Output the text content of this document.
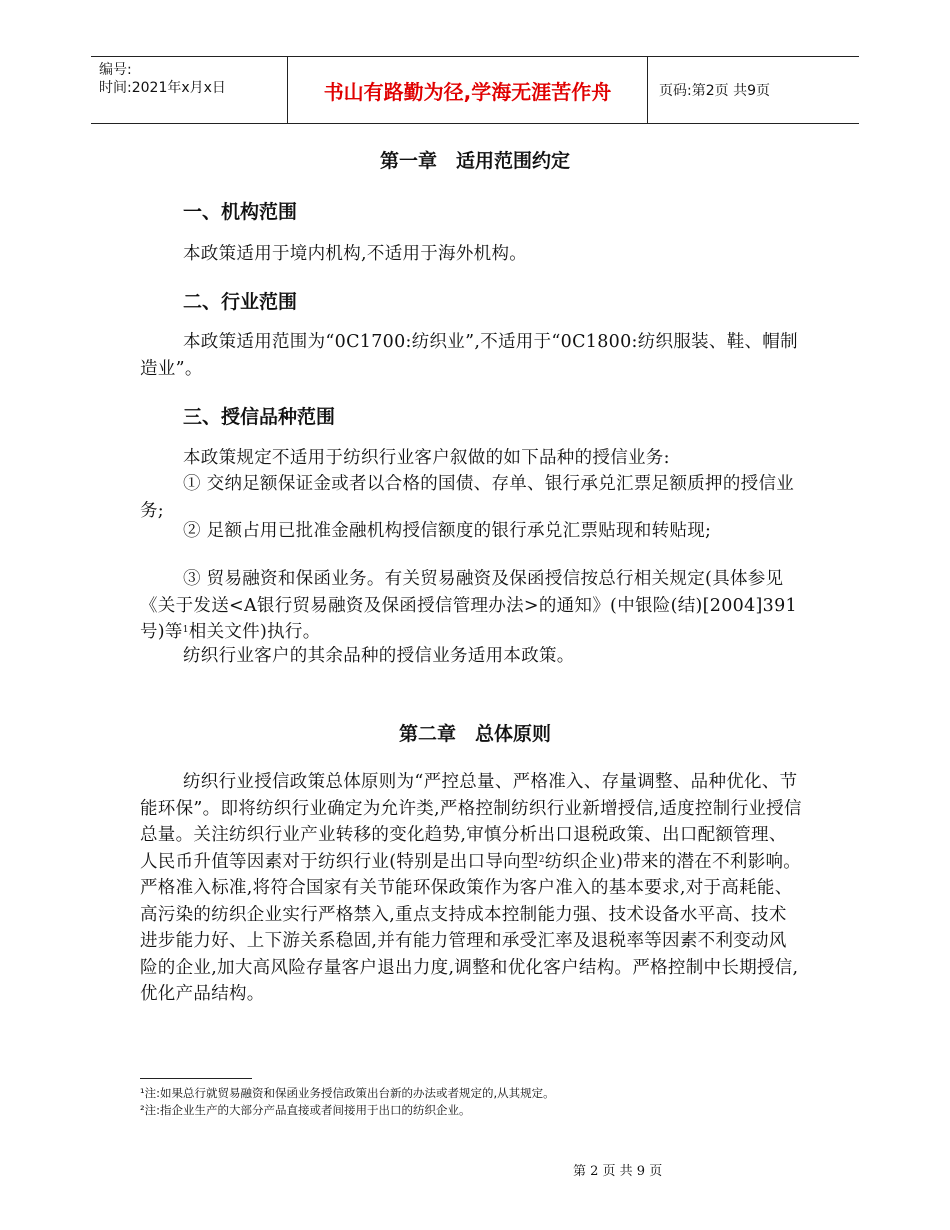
编号:
时间:2021年x月x日	书山有路勤为径,学海无涯苦作舟	页码:第2页 共9页
第一章　适用范围约定
一、机构范围
本政策适用于境内机构,不适用于海外机构。
二、行业范围
本政策适用范围为“0C1700:纺织业”,不适用于“0C1800:纺织服装、鞋、帽制造业”。
三、授信品种范围
本政策规定不适用于纺织行业客户叙做的如下品种的授信业务:
① 交纳足额保证金或者以合格的国债、存单、银行承兑汇票足额质押的授信业务;
② 足额占用已批准金融机构授信额度的银行承兑汇票贴现和转贴现;
③ 贸易融资和保函业务。有关贸易融资及保函授信按总行相关规定(具体参见《关于发送<A银行贸易融资及保函授信管理办法>的通知》(中银险(结)[2004]391号)等$^1$相关文件)执行。
纺织行业客户的其余品种的授信业务适用本政策。
第二章　总体原则
纺织行业授信政策总体原则为“严控总量、严格准入、存量调整、品种优化、节能环保”。即将纺织行业确定为允许类,严格控制纺织行业新增授信,适度控制行业授信总量。关注纺织行业产业转移的变化趋势,审慎分析出口退税政策、出口配额管理、人民币升值等因素对于纺织行业(特别是出口导向型$^2$纺织企业)带来的潜在不利影响。严格准入标准,将符合国家有关节能环保政策作为客户准入的基本要求,对于高耗能、高污染的纺织企业实行严格禁入,重点支持成本控制能力强、技术设备水平高、技术进步能力好、上下游关系稳固,并有能力管理和承受汇率及退税率等因素不利变动风险的企业,加大高风险存量客户退出力度,调整和优化客户结构。严格控制中长期授信,优化产品结构。
¹注:如果总行就贸易融资和保函业务授信政策出台新的办法或者规定的,从其规定。
²注:指企业生产的大部分产品直接或者间接用于出口的纺织企业。
第 2 页 共 9 页
